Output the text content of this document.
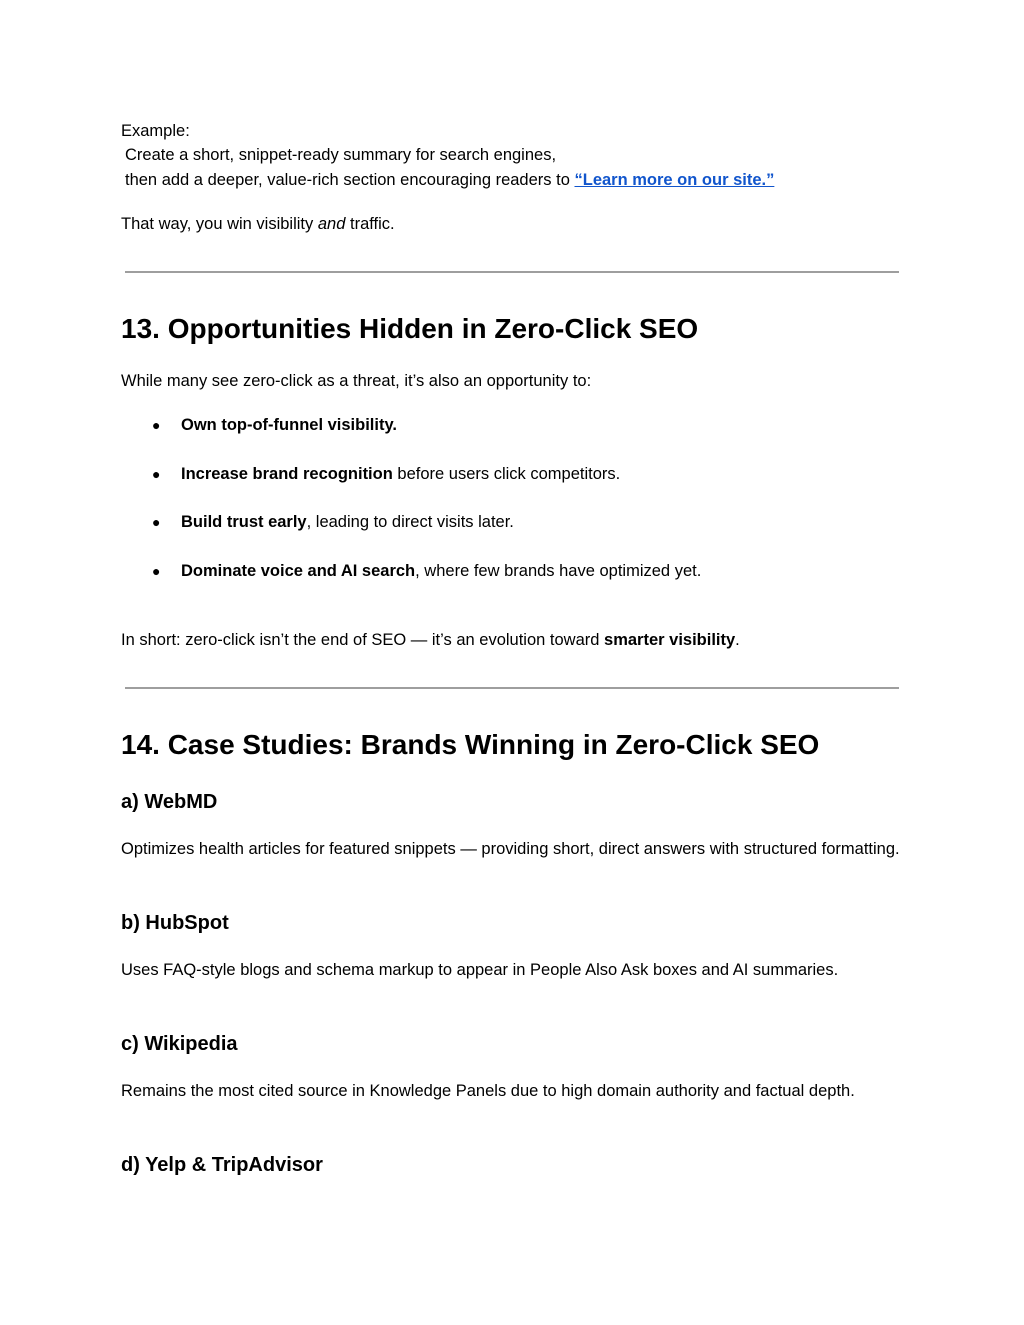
Example:
Create a short, snippet-ready summary for search engines,
then add a deeper, value-rich section encouraging readers to “Learn more on our site.”
That way, you win visibility and traffic.
13. Opportunities Hidden in Zero-Click SEO
While many see zero-click as a threat, it’s also an opportunity to:
● Own top-of-funnel visibility.
● Increase brand recognition before users click competitors.
● Build trust early, leading to direct visits later.
● Dominate voice and AI search, where few brands have optimized yet.
In short: zero-click isn’t the end of SEO — it’s an evolution toward smarter visibility.
14. Case Studies: Brands Winning in Zero-Click SEO
a) WebMD
Optimizes health articles for featured snippets — providing short, direct answers with structured formatting.
b) HubSpot
Uses FAQ-style blogs and schema markup to appear in People Also Ask boxes and AI summaries.
c) Wikipedia
Remains the most cited source in Knowledge Panels due to high domain authority and factual depth.
d) Yelp & TripAdvisor
